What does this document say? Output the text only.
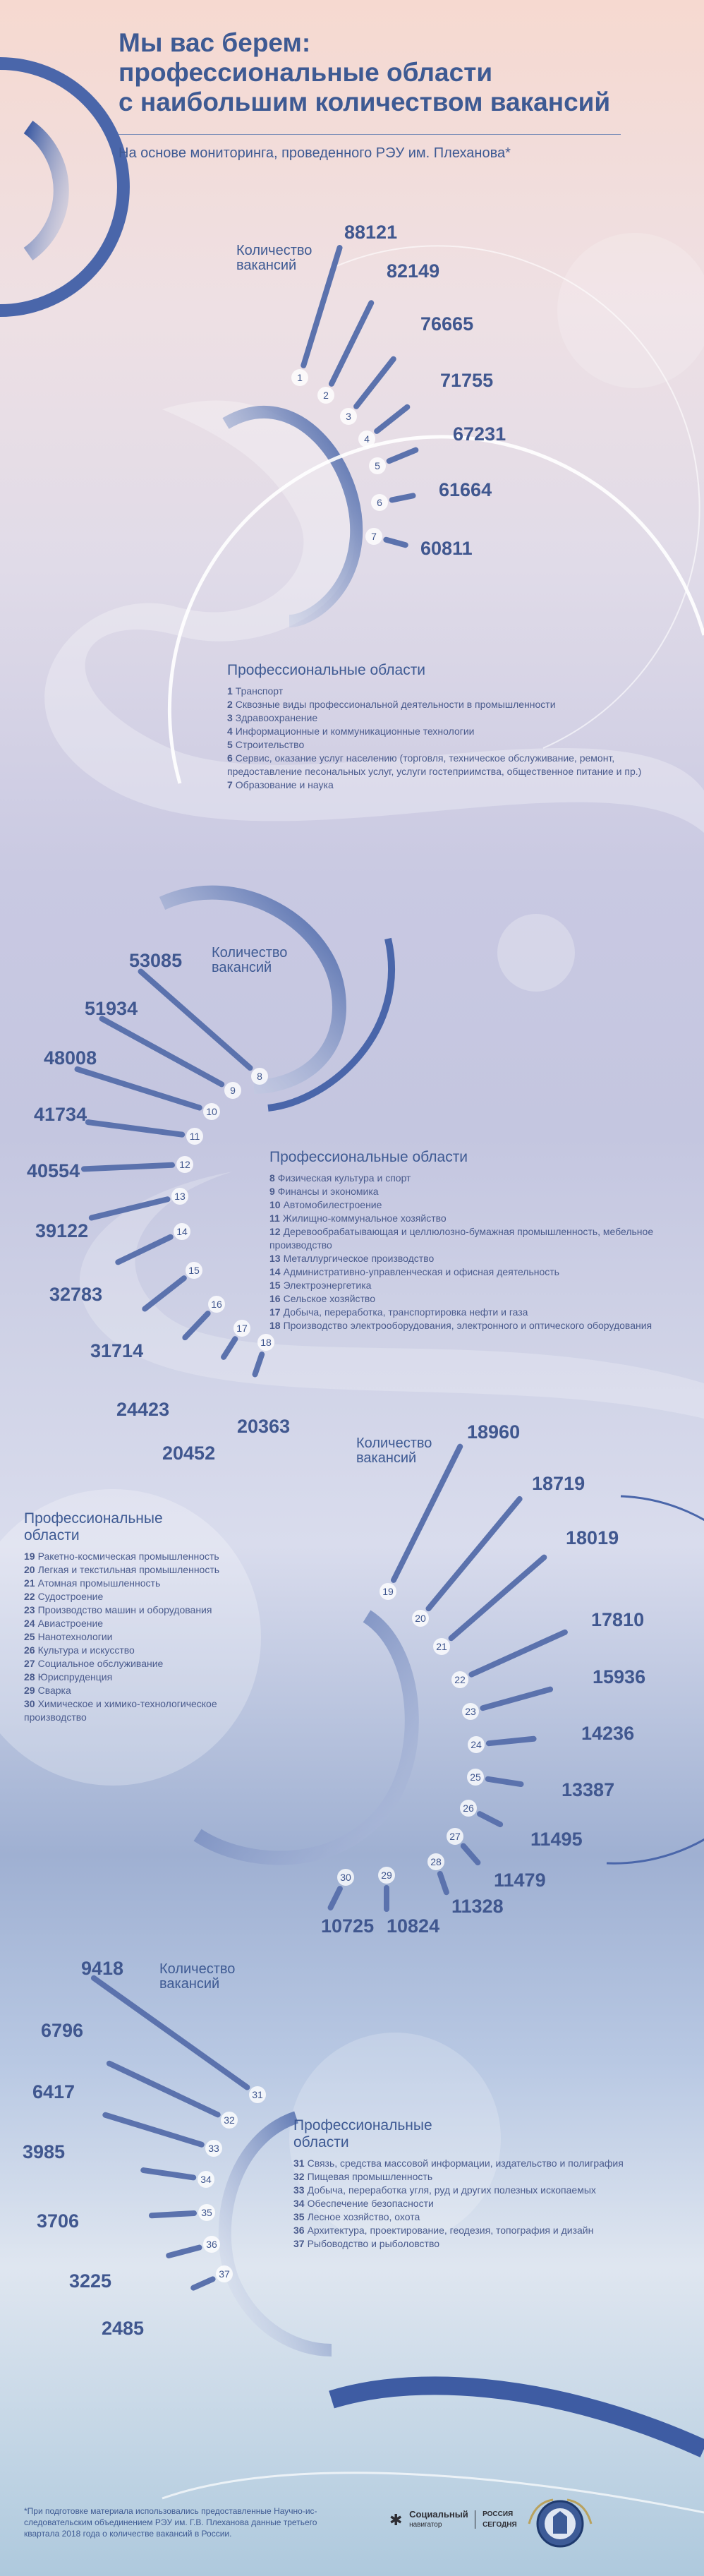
Мы вас берем:
профессиональные области
с наибольшим количеством вакансий
На основе мониторинга, проведенного РЭУ им. Плеханова*
1
88121
2
82149
3
76665
4
71755
5
67231
6
61664
7
60811
8
53085
9
51934
10
48008
11
41734
12
40554
13
39122	14
32783
15
31714
16
24423
17
20452
18
20363
19
18960
20
18719
21
18019
22
17810
23
15936
24
14236
25
13387
26
11495
27
11479
28
11328
29
10824
30
10725
31
9418
32
6796
33
6417
34
3985
35
3706
36
3225	37
2485
Количество
вакансий
Количество
вакансий
Количество
вакансий
Количество
вакансий
Профессиональные области
1 Транспорт
2 Сквозные виды профессиональной деятельности в промышленности
3 Здравоохранение
4 Информационные и коммуникационные технологии
5 Строительство
6 Сервис, оказание услуг населению (торговля, техническое обслуживание, ремонт, предоставление песональных услуг, услуги гостеприимства, общественное питание и пр.)
7 Образование и наука
Профессиональные области
8 Физическая культура и спорт
9 Финансы и экономика
10 Автомобилестроение
11 Жилищно-коммунальное хозяйство
12 Деревообрабатывающая и целлюлозно-бумажная промышленность, мебельное производство
13 Металлургическое производство
14 Административно-управленческая и офисная деятельность
15 Электроэнергетика
16 Сельское хозяйство
17 Добыча, переработка, транспортировка нефти и газа
18 Производство электрооборудования, электронного и оптического оборудования
Профессиональные
области
19 Ракетно-космическая промышленность
20 Легкая и текстильная промышленность
21 Атомная промышленность
22 Судостроение
23 Производство машин и оборудования
24 Авиастроение
25 Нанотехнологии
26 Культура и искусство
27 Социальное обслуживание
28 Юриспруденция
29 Сварка
30 Химическое и химико-технологическое производство
Профессиональные
области
31 Связь, средства массовой информации, издательство и полиграфия
32 Пищевая промышленность
33 Добыча, переработка угля, руд и других полезных ископаемых
34 Обеспечение безопасности
35 Лесное хозяйство, охота
36 Архитектура, проектирование, геодезия, топография и дизайн
37 Рыбоводство и рыболовство
*При подготовке материала использовались предоставленные Научно-ис-
следовательским объединением РЭУ им. Г.В. Плеханова данные третьего
квартала 2018 года о количестве вакансий в России.
✱ Социальный
навигатор

РОССИЯ
СЕГОДНЯ
